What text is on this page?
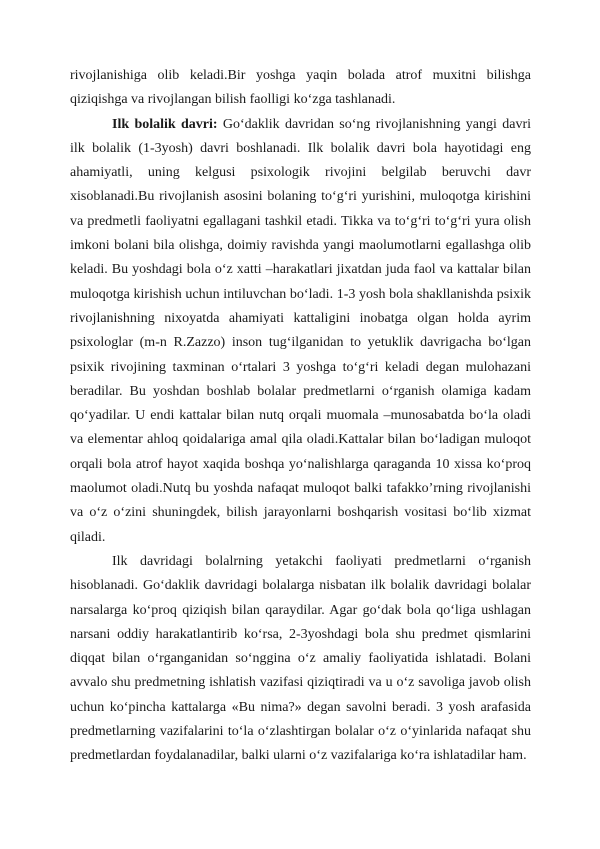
rivojlanishiga olib keladi.Bir yoshga yaqin bolada atrof muxitni bilishga qiziqishga va rivojlangan bilish faolligi ko‘zga tashlanadi.

Ilk bolalik davri: Go‘daklik davridan so‘ng rivojlanishning yangi davri ilk bolalik (1-3yosh) davri boshlanadi. Ilk bolalik davri bola hayotidagi eng ahamiyatli, uning kelgusi psixologik rivojini belgilab beruvchi davr xisoblanadi.Bu rivojlanish asosini bolaning to‘g‘ri yurishini, muloqotga kirishini va predmetli faoliyatni egallagani tashkil etadi. Tikka va to‘g‘ri to‘g‘ri yura olish imkoni bolani bila olishga, doimiy ravishda yangi maolumotlarni egallashga olib keladi. Bu yoshdagi bola o‘z xatti –harakatlari jixatdan juda faol va kattalar bilan muloqotga kirishish uchun intiluvchan bo‘ladi. 1-3 yosh bola shakllanishda psixik rivojlanishning nixoyatda ahamiyati kattaligini inobatga olgan holda ayrim psixologlar (m-n R.Zazzo) inson tug‘ilganidan to yetuklik davrigacha bo‘lgan psixik rivojining taxminan o‘rtalari 3 yoshga to‘g‘ri keladi degan mulohazani beradilar. Bu yoshdan boshlab bolalar predmetlarni o‘rganish olamiga kadam qo‘yadilar. U endi kattalar bilan nutq orqali muomala –munosabatda bo‘la oladi va elementar ahloq qoidalariga amal qila oladi.Kattalar bilan bo‘ladigan muloqot orqali bola atrof hayot xaqida boshqa yo‘nalishlarga qaraganda 10 xissa ko‘proq maolumot oladi.Nutq bu yoshda nafaqat muloqot balki tafakko’rning rivojlanishi va o‘z o‘zini shuningdek, bilish jarayonlarni boshqarish vositasi bo‘lib xizmat qiladi.

Ilk davridagi bolalrning yetakchi faoliyati predmetlarni o‘rganish hisoblanadi. Go‘daklik davridagi bolalarga nisbatan ilk bolalik davridagi bolalar narsalarga ko‘proq qiziqish bilan qaraydilar. Agar go‘dak bola qo‘liga ushlagan narsani oddiy harakatlantirib ko‘rsa, 2-3yoshdagi bola shu predmet qismlarini diqqat bilan o‘rganganidan so‘nggina o‘z amaliy faoliyatida ishlatadi. Bolani avvalo shu predmetning ishlatish vazifasi qiziqtiradi va u o‘z savoliga javob olish uchun ko‘pincha kattalarga «Bu nima?» degan savolni beradi. 3 yosh arafasida predmetlarning vazifalarini to‘la o‘zlashtirgan bolalar o‘z o‘yinlarida nafaqat shu predmetlardan foydalanadilar, balki ularni o‘z vazifalariga ko‘ra ishlatadilar ham.
